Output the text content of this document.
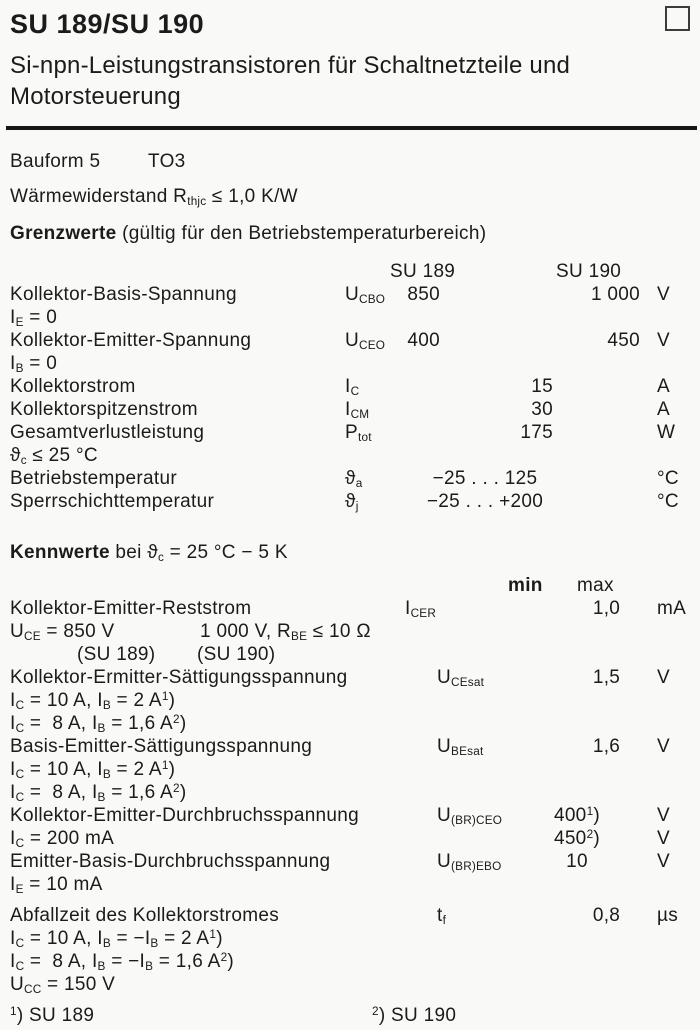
SU 189/SU 190
Si-npn-Leistungstransistoren für Schaltnetzteile und Motorsteuerung
Bauform 5	TO3
Wärmewiderstand $R_{thjc} \le 1,0$ K/W
Grenzwerte (gültig für den Betriebstemperaturbereich)
SU 189	SU 190
Kollektor-Basis-Spannung	$U_{CBO}$	850	1 000 V
$I_E = 0$
Kollektor-Emitter-Spannung	$U_{CEO}$	400	450 V
$I_B = 0$
Kollektorstrom	$I_C$	15	A
Kollektorspitzenstrom	$I_{CM}$	30	A
Gesamtverlustleistung	$P_{tot}$	175	W
$ϑ_c \le 25$ °C
Betriebstemperatur	$ϑ_a$	−25 . . . 125	°C
Sperrschichttemperatur	$ϑ_j$	−25 . . . +200	°C
Kennwerte bei $ϑ_c = 25$ °C − 5 K
min max
Kollektor-Emitter-Reststrom	$I_{CER}$	1,0	mA
$U_{CE} = 850$ V	1 000 V, $R_{BE} \le 10$ Ω
(SU 189) (SU 190)
Kollektor-Ermitter-Sättigungsspannung	$U_{CEsat}$	1,5	V
$I_C = 10$ A, $I_B = 2$ $A^1$)
$I_C = 8$ A, $I_B = 1,6$ $A^2$)
Basis-Emitter-Sättigungsspannung	$U_{BEsat}$	1,6	V
$I_C = 10$ A, $I_B = 2$ $A^1$)
$I_C = 8$ A, $I_B = 1,6$ $A^2$)
Kollektor-Emitter-Durchbruchsspannung	$U_{(BR)CEO}$	$400^1$)	V
$I_C = 200$ mA	$450^2$)	V
Emitter-Basis-Durchbruchsspannung	$U_{(BR)EBO}$	10	V
$I_E = 10$ mA
Abfallzeit des Kollektorstromes	$t_f$	0,8	µs
$I_C = 10$ A, $I_B = -I_B = 2$ $A^1$)
$I_C = 8$ A, $I_B = -I_B = 1,6$ $A^2$)
$U_{CC} = 150$ V
$^1$) SU 189	$^2$) SU 190
